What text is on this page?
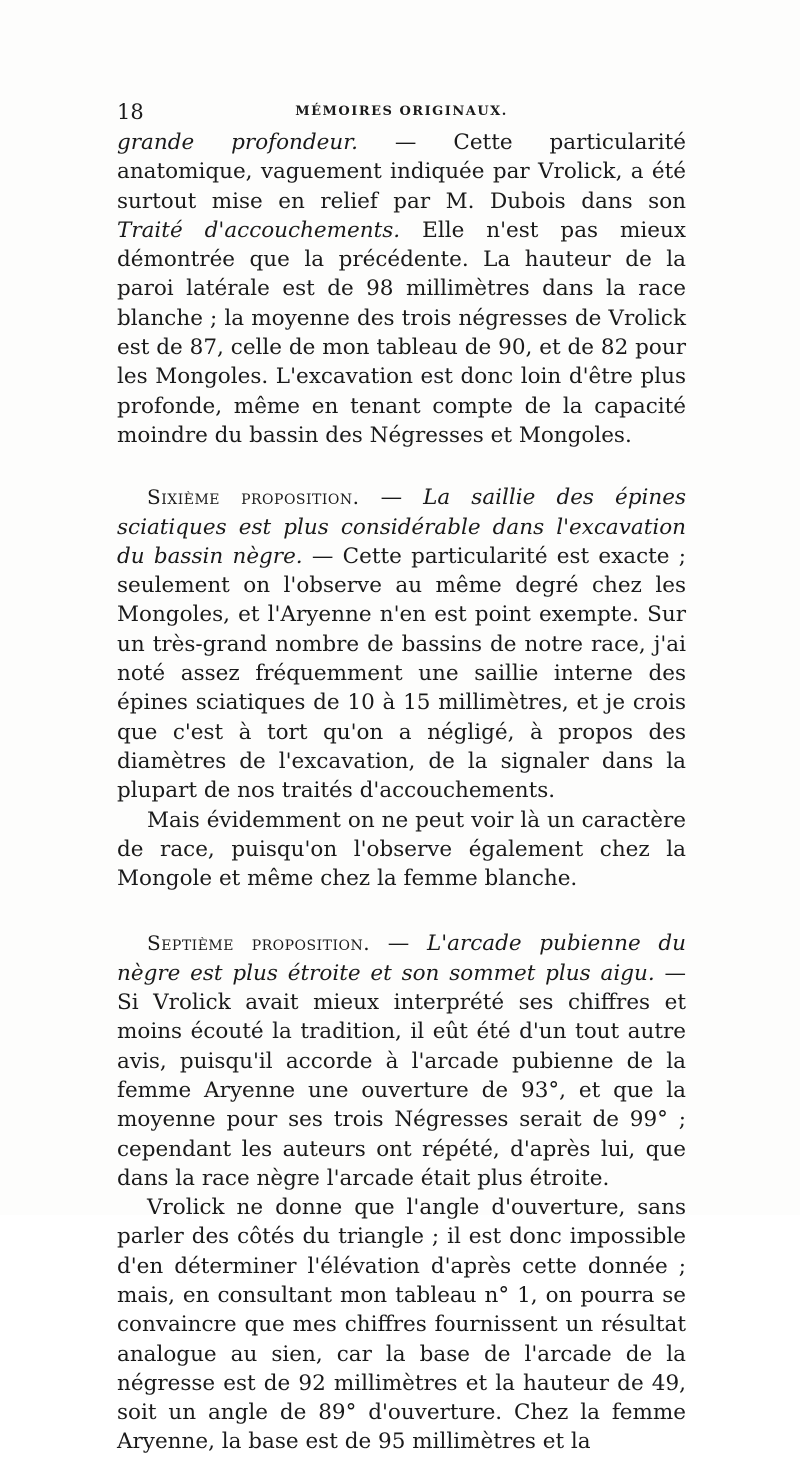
18	MÉMOIRES ORIGINAUX.

grande profondeur. — Cette particularité anatomique, vaguement indiquée par Vrolick, a été surtout mise en relief par M. Dubois dans son Traité d'accouchements. Elle n'est pas mieux démontrée que la précédente. La hauteur de la paroi latérale est de 98 millimètres dans la race blanche ; la moyenne des trois négresses de Vrolick est de 87, celle de mon tableau de 90, et de 82 pour les Mongoles. L'excavation est donc loin d'être plus profonde, même en tenant compte de la capacité moindre du bassin des Négresses et Mongoles.

Sixième proposition. — La saillie des épines sciatiques est plus considérable dans l'excavation du bassin nègre. — Cette particularité est exacte ; seulement on l'observe au même degré chez les Mongoles, et l'Aryenne n'en est point exempte. Sur un très-grand nombre de bassins de notre race, j'ai noté assez fréquemment une saillie interne des épines sciatiques de 10 à 15 millimètres, et je crois que c'est à tort qu'on a négligé, à propos des diamètres de l'excavation, de la signaler dans la plupart de nos traités d'accouchements.

Mais évidemment on ne peut voir là un caractère de race, puisqu'on l'observe également chez la Mongole et même chez la femme blanche.

Septième proposition. — L'arcade pubienne du nègre est plus étroite et son sommet plus aigu. — Si Vrolick avait mieux interprété ses chiffres et moins écouté la tradition, il eût été d'un tout autre avis, puisqu'il accorde à l'arcade pubienne de la femme Aryenne une ouverture de 93°, et que la moyenne pour ses trois Négresses serait de 99° ; cependant les auteurs ont répété, d'après lui, que dans la race nègre l'arcade était plus étroite.

Vrolick ne donne que l'angle d'ouverture, sans parler des côtés du triangle ; il est donc impossible d'en déterminer l'élévation d'après cette donnée ; mais, en consultant mon tableau n° 1, on pourra se convaincre que mes chiffres fournissent un résultat analogue au sien, car la base de l'arcade de la négresse est de 92 millimètres et la hauteur de 49, soit un angle de 89° d'ouverture. Chez la femme Aryenne, la base est de 95 millimètres et la
